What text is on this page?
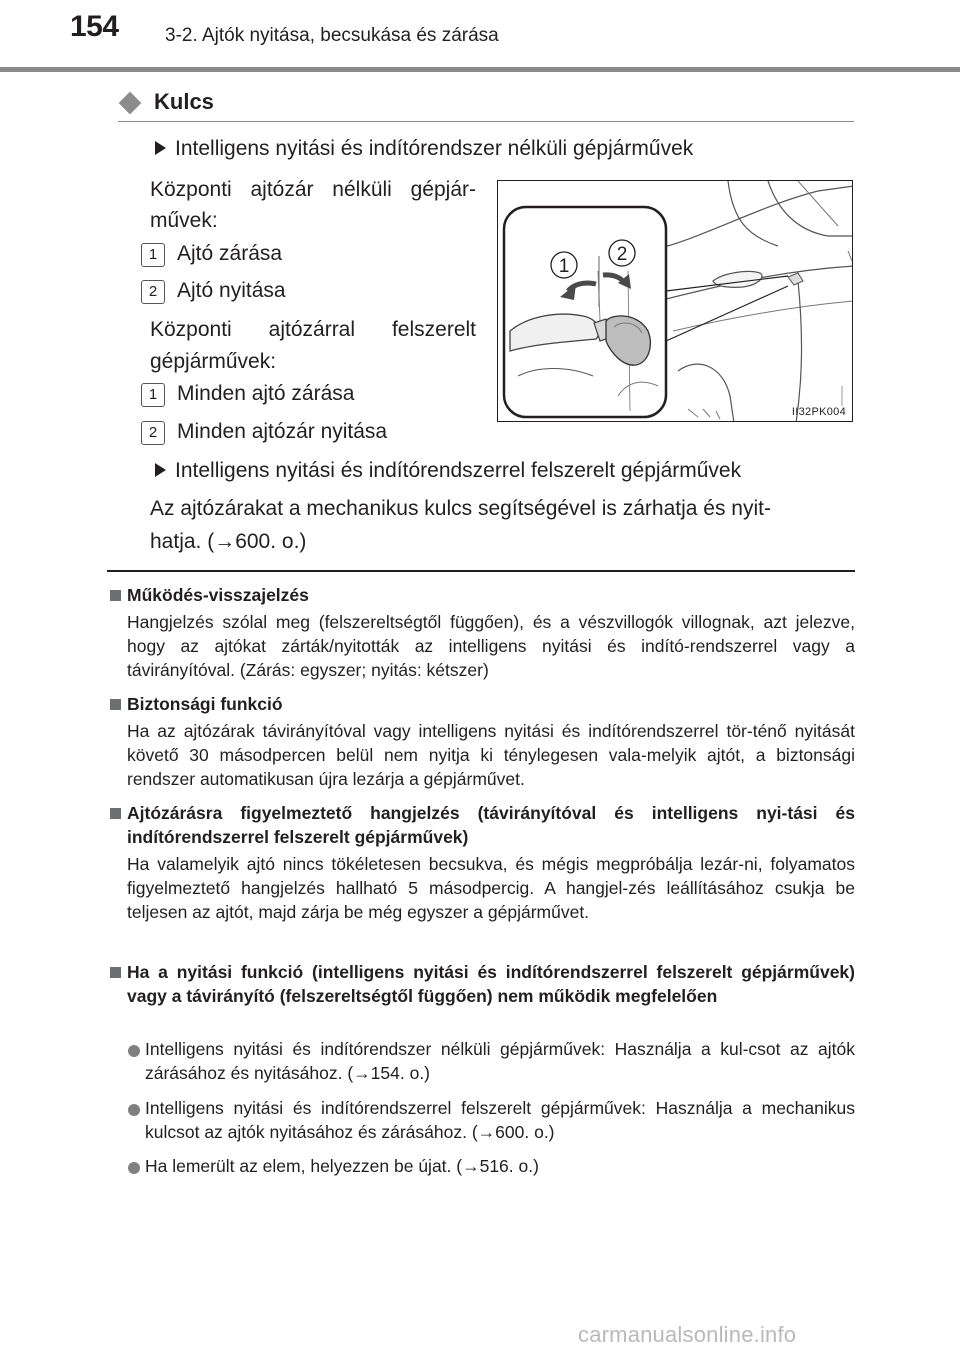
154 3-2. Ajtók nyitása, becsukása és zárása
Kulcs
Intelligens nyitási és indítórendszer nélküli gépjárművek
Központi ajtózár nélküli gépjár-
művek:
1 Ajtó zárása
2 Ajtó nyitása
Központi ajtózárral felszerelt
gépjárművek:
1 Minden ajtó zárása
2 Minden ajtózár nyitása
1
2
II32PK004
Intelligens nyitási és indítórendszerrel felszerelt gépjárművek
Az ajtózárakat a mechanikus kulcs segítségével is zárhatja és nyit-
hatja. (→600. o.)
Működés-visszajelzés
Hangjelzés szólal meg (felszereltségtől függően), és a vészvillogók villognak, azt jelezve, hogy az ajtókat zárták/nyitották az intelligens nyitási és indító-rendszerrel vagy a távirányítóval. (Zárás: egyszer; nyitás: kétszer)
Biztonsági funkció
Ha az ajtózárak távirányítóval vagy intelligens nyitási és indítórendszerrel tör-ténő nyitását követő 30 másodpercen belül nem nyitja ki ténylegesen vala-melyik ajtót, a biztonsági rendszer automatikusan újra lezárja a gépjárművet.
Ajtózárásra figyelmeztető hangjelzés (távirányítóval és intelligens nyi-tási és indítórendszerrel felszerelt gépjárművek)
Ha valamelyik ajtó nincs tökéletesen becsukva, és mégis megpróbálja lezár-ni, folyamatos figyelmeztető hangjelzés hallható 5 másodpercig. A hangjel-zés leállításához csukja be teljesen az ajtót, majd zárja be még egyszer a gépjárművet.
Ha a nyitási funkció (intelligens nyitási és indítórendszerrel felszerelt gépjárművek) vagy a távirányító (felszereltségtől függően) nem működik megfelelően
Intelligens nyitási és indítórendszer nélküli gépjárművek: Használja a kul-csot az ajtók zárásához és nyitásához. (→154. o.)
Intelligens nyitási és indítórendszerrel felszerelt gépjárművek: Használja a mechanikus kulcsot az ajtók nyitásához és zárásához. (→600. o.)
Ha lemerült az elem, helyezzen be újat. (→516. o.)
carmanualsonline.info
